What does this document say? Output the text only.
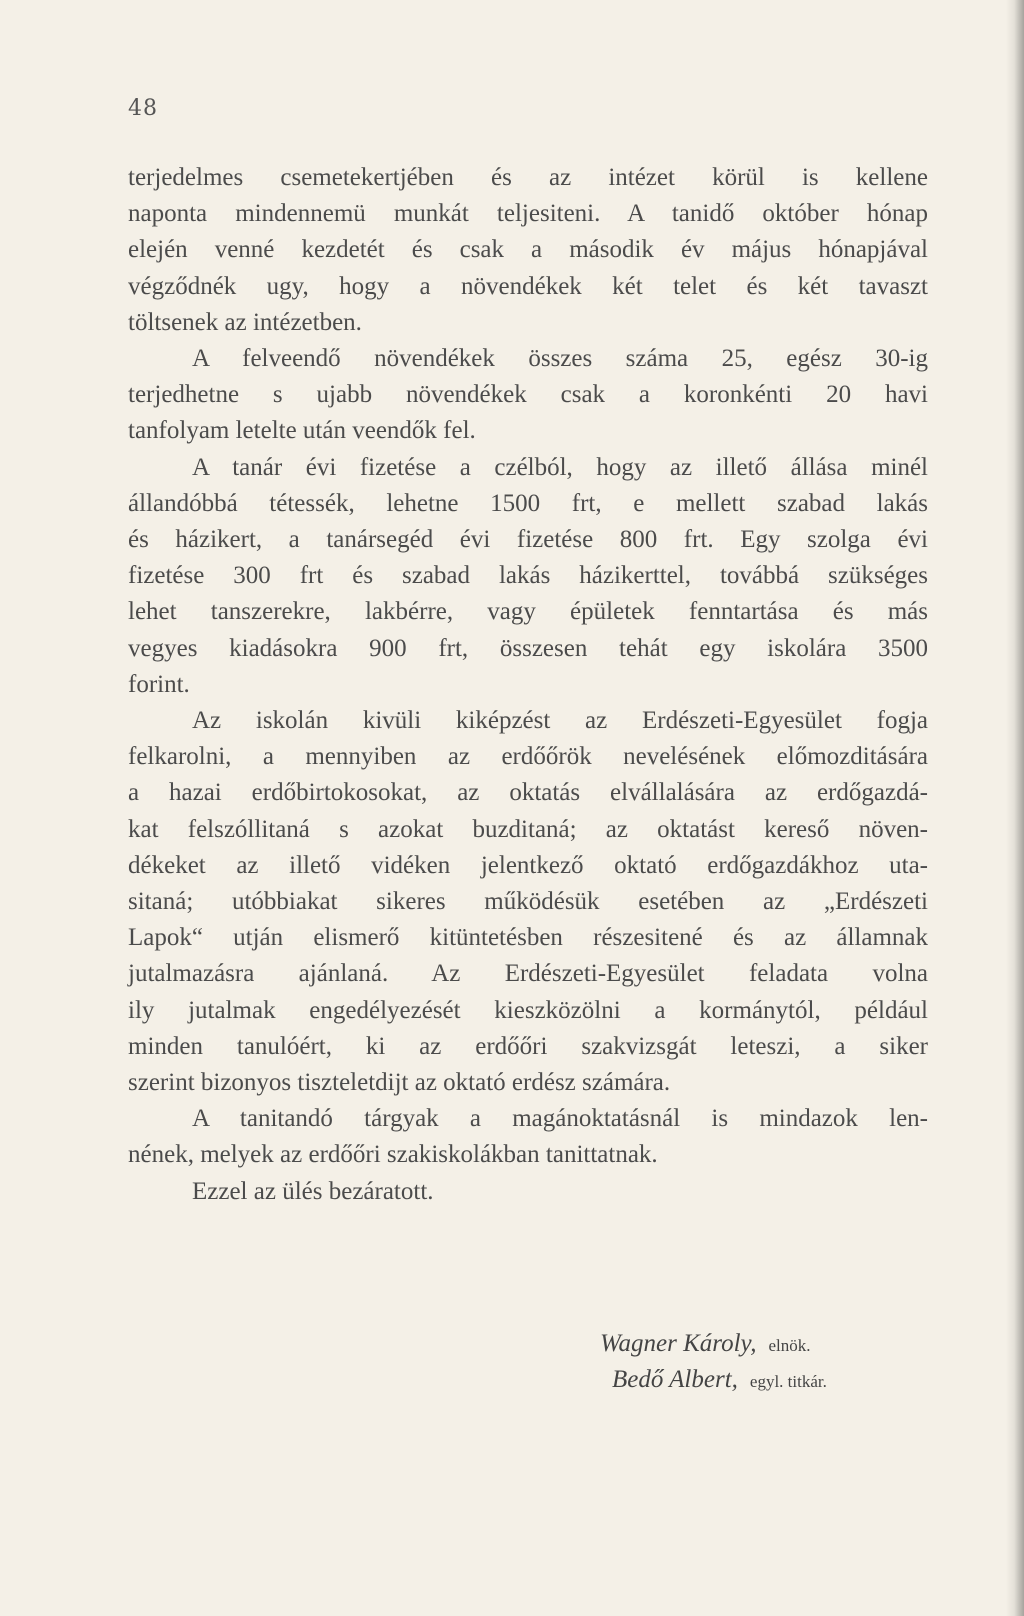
48

terjedelmes csemetekertjében és az intézet körül is kellene
naponta mindennemü munkát teljesiteni. A tanidő október hónap
elején venné kezdetét és csak a második év május hónapjával
végződnék ugy, hogy a növendékek két telet és két tavaszt
töltsenek az intézetben.

A felveendő növendékek összes száma 25, egész 30-ig
terjedhetne s ujabb növendékek csak a koronkénti 20 havi
tanfolyam letelte után veendők fel.

A tanár évi fizetése a czélból, hogy az illető állása minél
állandóbbá tétessék, lehetne 1500 frt, e mellett szabad lakás
és házikert, a tanársegéd évi fizetése 800 frt. Egy szolga évi
fizetése 300 frt és szabad lakás házikerttel, továbbá szükséges
lehet tanszerekre, lakbérre, vagy épületek fenntartása és más
vegyes kiadásokra 900 frt, összesen tehát egy iskolára 3500
forint.

Az iskolán kivüli kiképzést az Erdészeti-Egyesület fogja
felkarolni, a mennyiben az erdőőrök nevelésének előmozditására
a hazai erdőbirtokosokat, az oktatás elvállalására az erdőgazdá-
kat felszóllitaná s azokat buzditaná; az oktatást kereső növen-
dékeket az illető vidéken jelentkező oktató erdőgazdákhoz uta-
sitaná; utóbbiakat sikeres működésük esetében az „Erdészeti
Lapok“ utján elismerő kitüntetésben részesitené és az államnak
jutalmazásra ajánlaná. Az Erdészeti-Egyesület feladata volna
ily jutalmak engedélyezését kieszközölni a kormánytól, például
minden tanulóért, ki az erdőőri szakvizsgát leteszi, a siker
szerint bizonyos tiszteletdijt az oktató erdész számára.

A tanitandó tárgyak a magánoktatásnál is mindazok len-
nének, melyek az erdőőri szakiskolákban tanittatnak.

Ezzel az ülés bezáratott.

Wagner Károly, elnök.
Bedő Albert, egyl. titkár.
